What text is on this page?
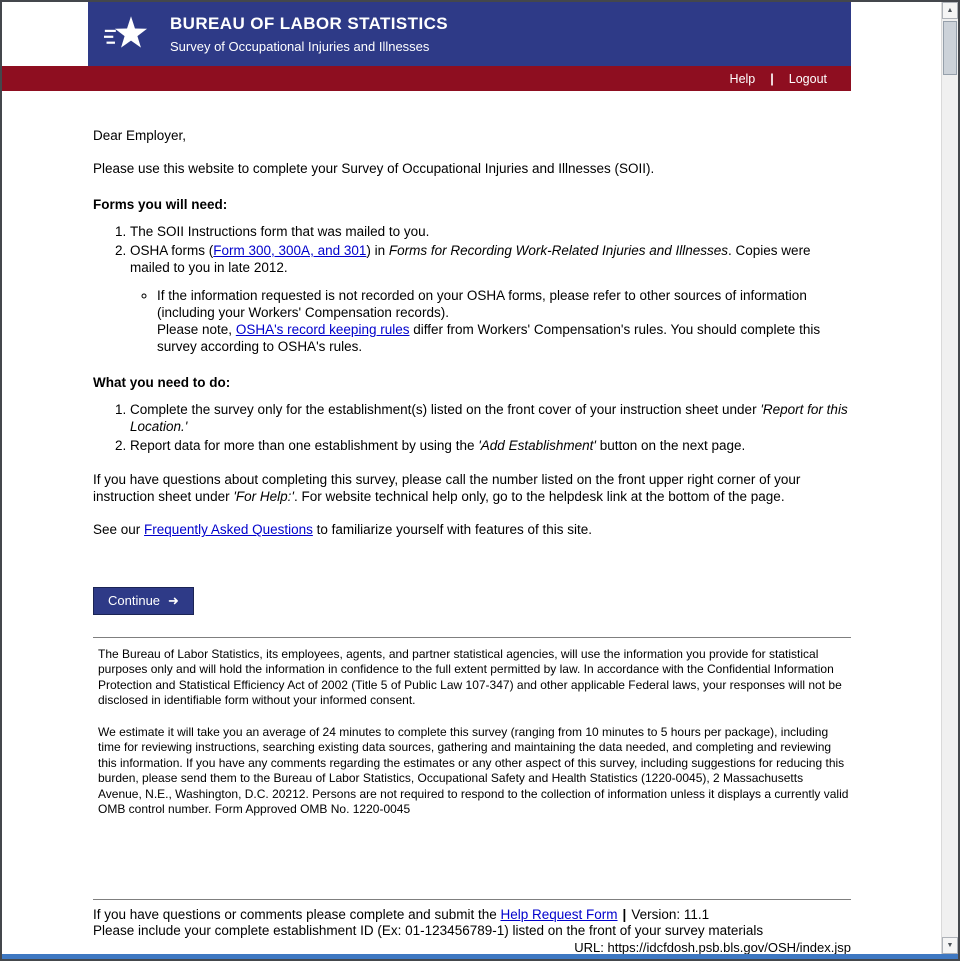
BUREAU OF LABOR STATISTICS
Survey of Occupational Injuries and Illnesses
Help | Logout

Dear Employer,

Please use this website to complete your Survey of Occupational Injuries and Illnesses (SOII).

Forms you will need:
1. The SOII Instructions form that was mailed to you.
2. OSHA forms (Form 300, 300A, and 301) in Forms for Recording Work-Related Injuries and Illnesses. Copies were mailed to you in late 2012.
◦ If the information requested is not recorded on your OSHA forms, please refer to other sources of information (including your Workers' Compensation records).
Please note, OSHA's record keeping rules differ from Workers' Compensation's rules. You should complete this survey according to OSHA's rules.
What you need to do:
1. Complete the survey only for the establishment(s) listed on the front cover of your instruction sheet under 'Report for this Location.'
2. Report data for more than one establishment by using the 'Add Establishment' button on the next page.

If you have questions about completing this survey, please call the number listed on the front upper right corner of your instruction sheet under 'For Help:'. For website technical help only, go to the helpdesk link at the bottom of the page.

See our Frequently Asked Questions to familiarize yourself with features of this site.

Continue ➜

The Bureau of Labor Statistics, its employees, agents, and partner statistical agencies, will use the information you provide for statistical purposes only and will hold the information in confidence to the full extent permitted by law. In accordance with the Confidential Information Protection and Statistical Efficiency Act of 2002 (Title 5 of Public Law 107-347) and other applicable Federal laws, your responses will not be disclosed in identifiable form without your informed consent.

We estimate it will take you an average of 24 minutes to complete this survey (ranging from 10 minutes to 5 hours per package), including time for reviewing instructions, searching existing data sources, gathering and maintaining the data needed, and completing and reviewing this information. If you have any comments regarding the estimates or any other aspect of this survey, including suggestions for reducing this burden, please send them to the Bureau of Labor Statistics, Occupational Safety and Health Statistics (1220-0045), 2 Massachusetts Avenue, N.E., Washington, D.C. 20212. Persons are not required to respond to the collection of information unless it displays a currently valid OMB control number. Form Approved OMB No. 1220-0045

If you have questions or comments please complete and submit the Help Request Form | Version: 11.1
Please include your complete establishment ID (Ex: 01-123456789-1) listed on the front of your survey materials
URL: https://idcfdosh.psb.bls.gov/OSH/index.jsp
▲
▼
